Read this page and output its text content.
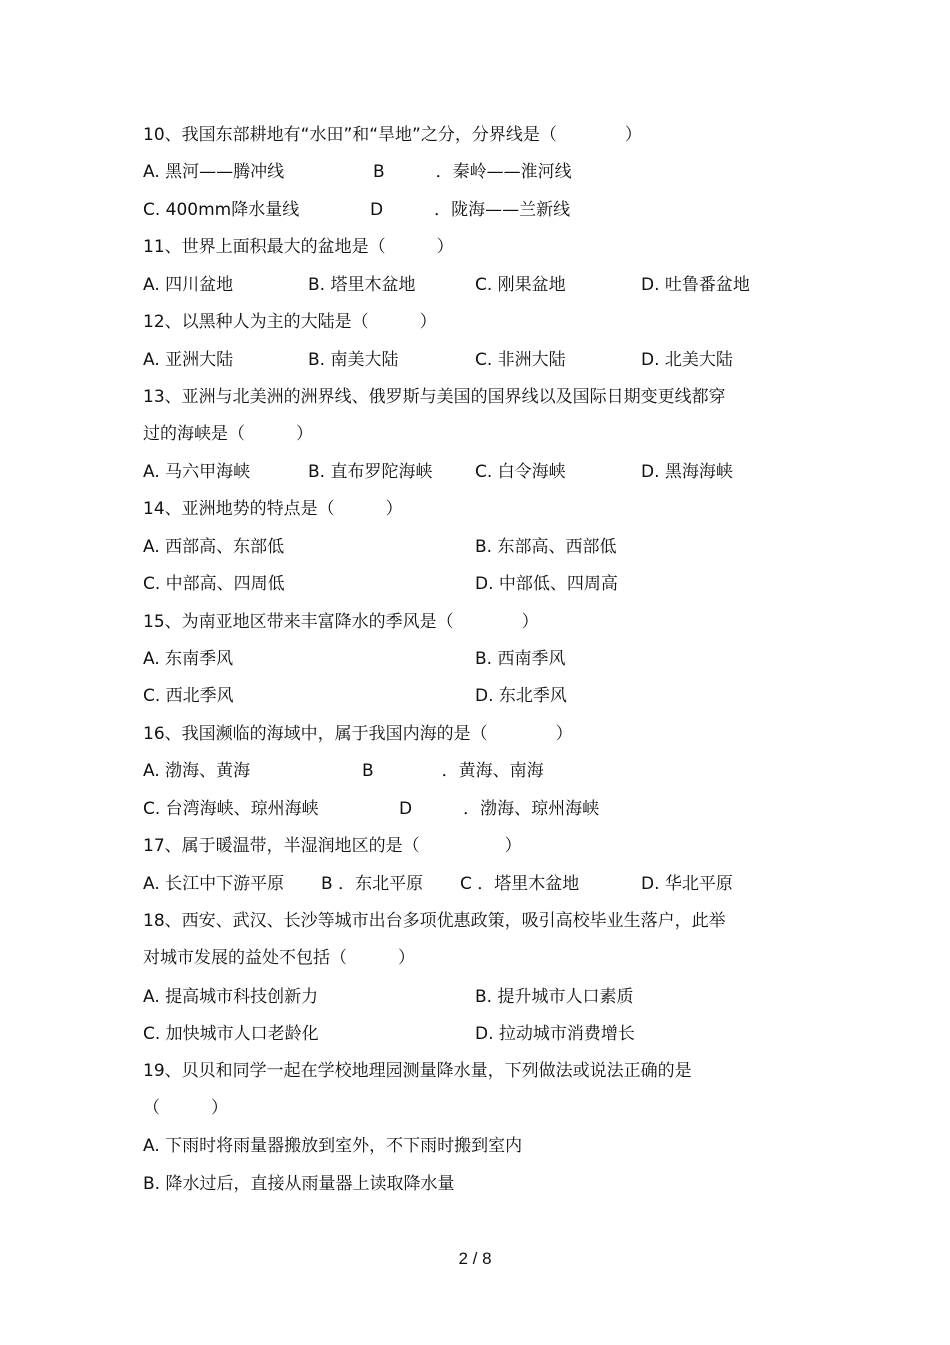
10、我国东部耕地有“水田”和“旱地”之分，分界线是（　　　　）
A. 黑河——腾冲线	B　　　．秦岭——淮河线
C. 400mm降水量线	D　　　．陇海——兰新线
11、世界上面积最大的盆地是（　　　）
A. 四川盆地	B. 塔里木盆地	C. 刚果盆地	D. 吐鲁番盆地
12、以黑种人为主的大陆是（　　　）
A. 亚洲大陆	B. 南美大陆	C. 非洲大陆	D. 北美大陆
13、亚洲与北美洲的洲界线、俄罗斯与美国的国界线以及国际日期变更线都穿
过的海峡是（　　　）
A. 马六甲海峡	B. 直布罗陀海峡	C. 白令海峡	D. 黑海海峡
14、亚洲地势的特点是（　　　）
A. 西部高、东部低	B. 东部高、西部低
C. 中部高、四周低	D. 中部低、四周高
15、为南亚地区带来丰富降水的季风是（　　　　）
A. 东南季风	B. 西南季风
C. 西北季风	D. 东北季风
16、我国濒临的海域中，属于我国内海的是（　　　　）
A. 渤海、黄海	B　　　　．黄海、南海
C. 台湾海峡、琼州海峡	D　　　．渤海、琼州海峡
17、属于暖温带，半湿润地区的是（　　　　　）
A. 长江中下游平原 B ．东北平原 C ．塔里木盆地	D. 华北平原
18、西安、武汉、长沙等城市出台多项优惠政策，吸引高校毕业生落户，此举
对城市发展的益处不包括（　　　）
A. 提高城市科技创新力	B. 提升城市人口素质
C. 加快城市人口老龄化	D. 拉动城市消费增长
19、贝贝和同学一起在学校地理园测量降水量，下列做法或说法正确的是
（　　　）
A. 下雨时将雨量器搬放到室外，不下雨时搬到室内
B. 降水过后，直接从雨量器上读取降水量
2 / 8
